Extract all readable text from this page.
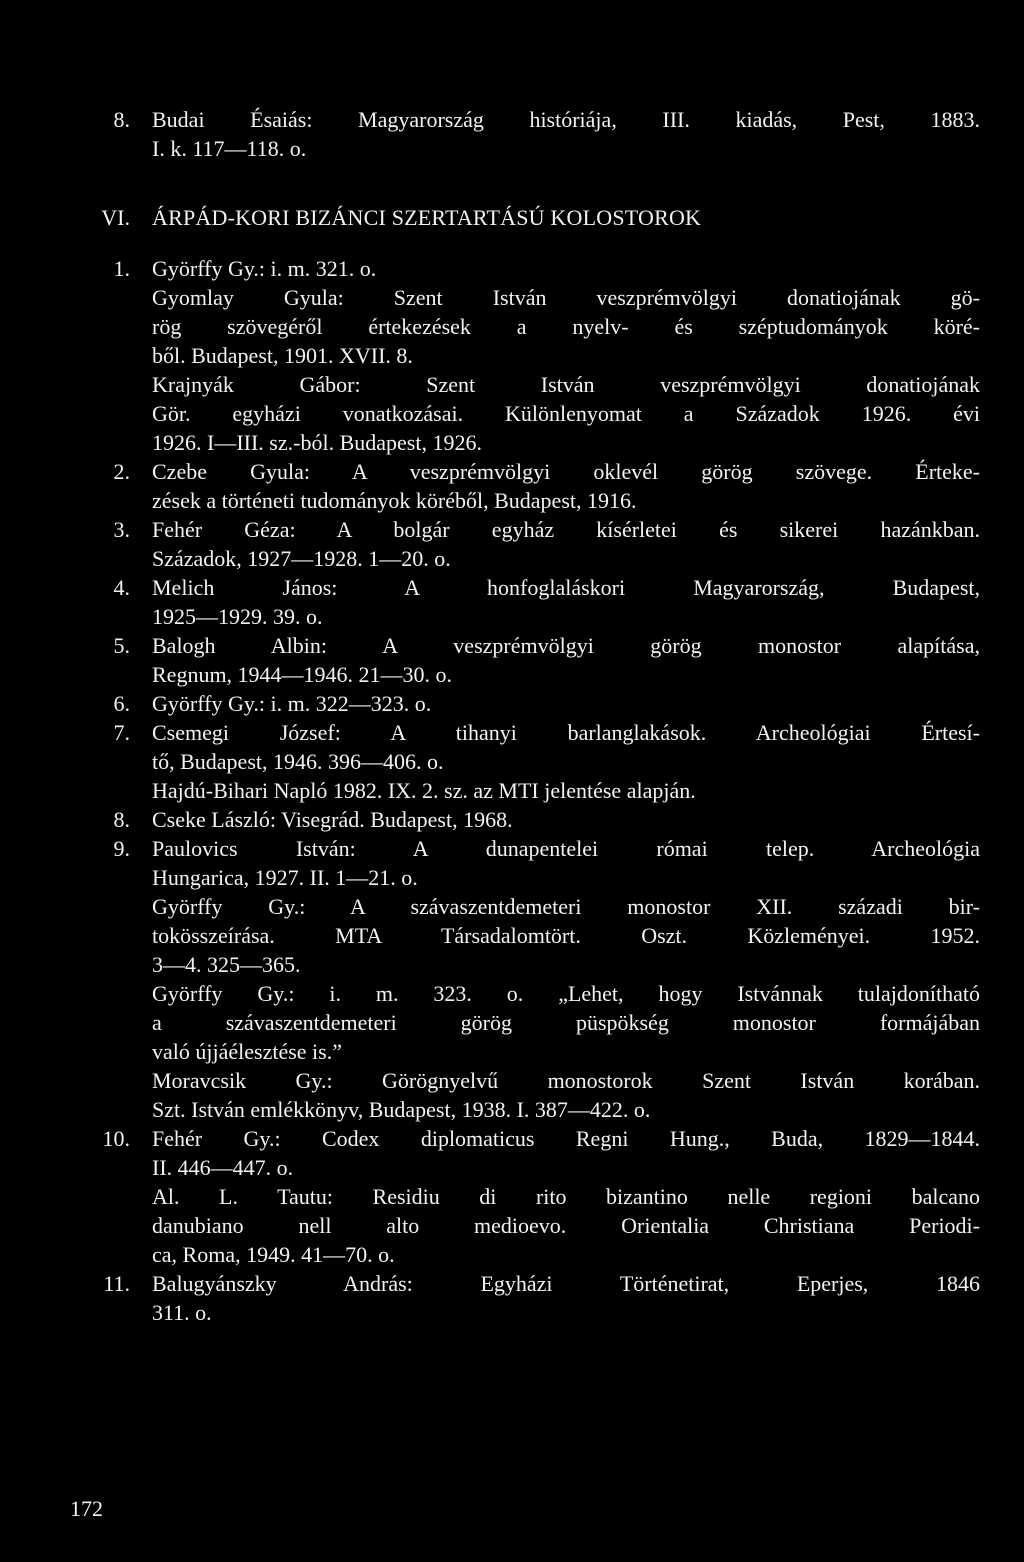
8. Budai Ésaiás: Magyarország históriája, III. kiadás, Pest, 1883.
I. k. 117—118. o.
VI. ÁRPÁD-KORI BIZÁNCI SZERTARTÁSÚ KOLOSTOROK
1. Györffy Gy.: i. m. 321. o.
Gyomlay Gyula: Szent István veszprémvölgyi donatiojának gö-
rög szövegéről értekezések a nyelv- és széptudományok köré-
ből. Budapest, 1901. XVII. 8.
Krajnyák Gábor: Szent István veszprémvölgyi donatiojának
Gör. egyházi vonatkozásai. Különlenyomat a Századok 1926. évi
1926. I—III. sz.-ból. Budapest, 1926.
2. Czebe Gyula: A veszprémvölgyi oklevél görög szövege. Érteke-
zések a történeti tudományok köréből, Budapest, 1916.
3. Fehér Géza: A bolgár egyház kísérletei és sikerei hazánkban.
Századok, 1927—1928. 1—20. o.
4. Melich János: A honfoglaláskori Magyarország, Budapest,
1925—1929. 39. o.
5. Balogh Albin: A veszprémvölgyi görög monostor alapítása,
Regnum, 1944—1946. 21—30. o.
6. Györffy Gy.: i. m. 322—323. o.
7. Csemegi József: A tihanyi barlanglakások. Archeológiai Értesí-
tő, Budapest, 1946. 396—406. o.
Hajdú-Bihari Napló 1982. IX. 2. sz. az MTI jelentése alapján.
8. Cseke László: Visegrád. Budapest, 1968.
9. Paulovics István: A dunapentelei római telep. Archeológia
Hungarica, 1927. II. 1—21. o.
Györffy Gy.: A szávaszentdemeteri monostor XII. századi bir-
tokösszeírása. MTA Társadalomtört. Oszt. Közleményei. 1952.
3—4. 325—365.
Györffy Gy.: i. m. 323. o. „Lehet, hogy Istvánnak tulajdonítható
a szávaszentdemeteri görög püspökség monostor formájában
való újjáélesztése is.”
Moravcsik Gy.: Görögnyelvű monostorok Szent István korában.
Szt. István emlékkönyv, Budapest, 1938. I. 387—422. o.
10. Fehér Gy.: Codex diplomaticus Regni Hung., Buda, 1829—1844.
II. 446—447. o.
Al. L. Tautu: Residiu di rito bizantino nelle regioni balcano
danubiano nell alto medioevo. Orientalia Christiana Periodi-
ca, Roma, 1949. 41—70. o.
11. Balugyánszky András: Egyházi Történetirat, Eperjes, 1846
311. o.
172
